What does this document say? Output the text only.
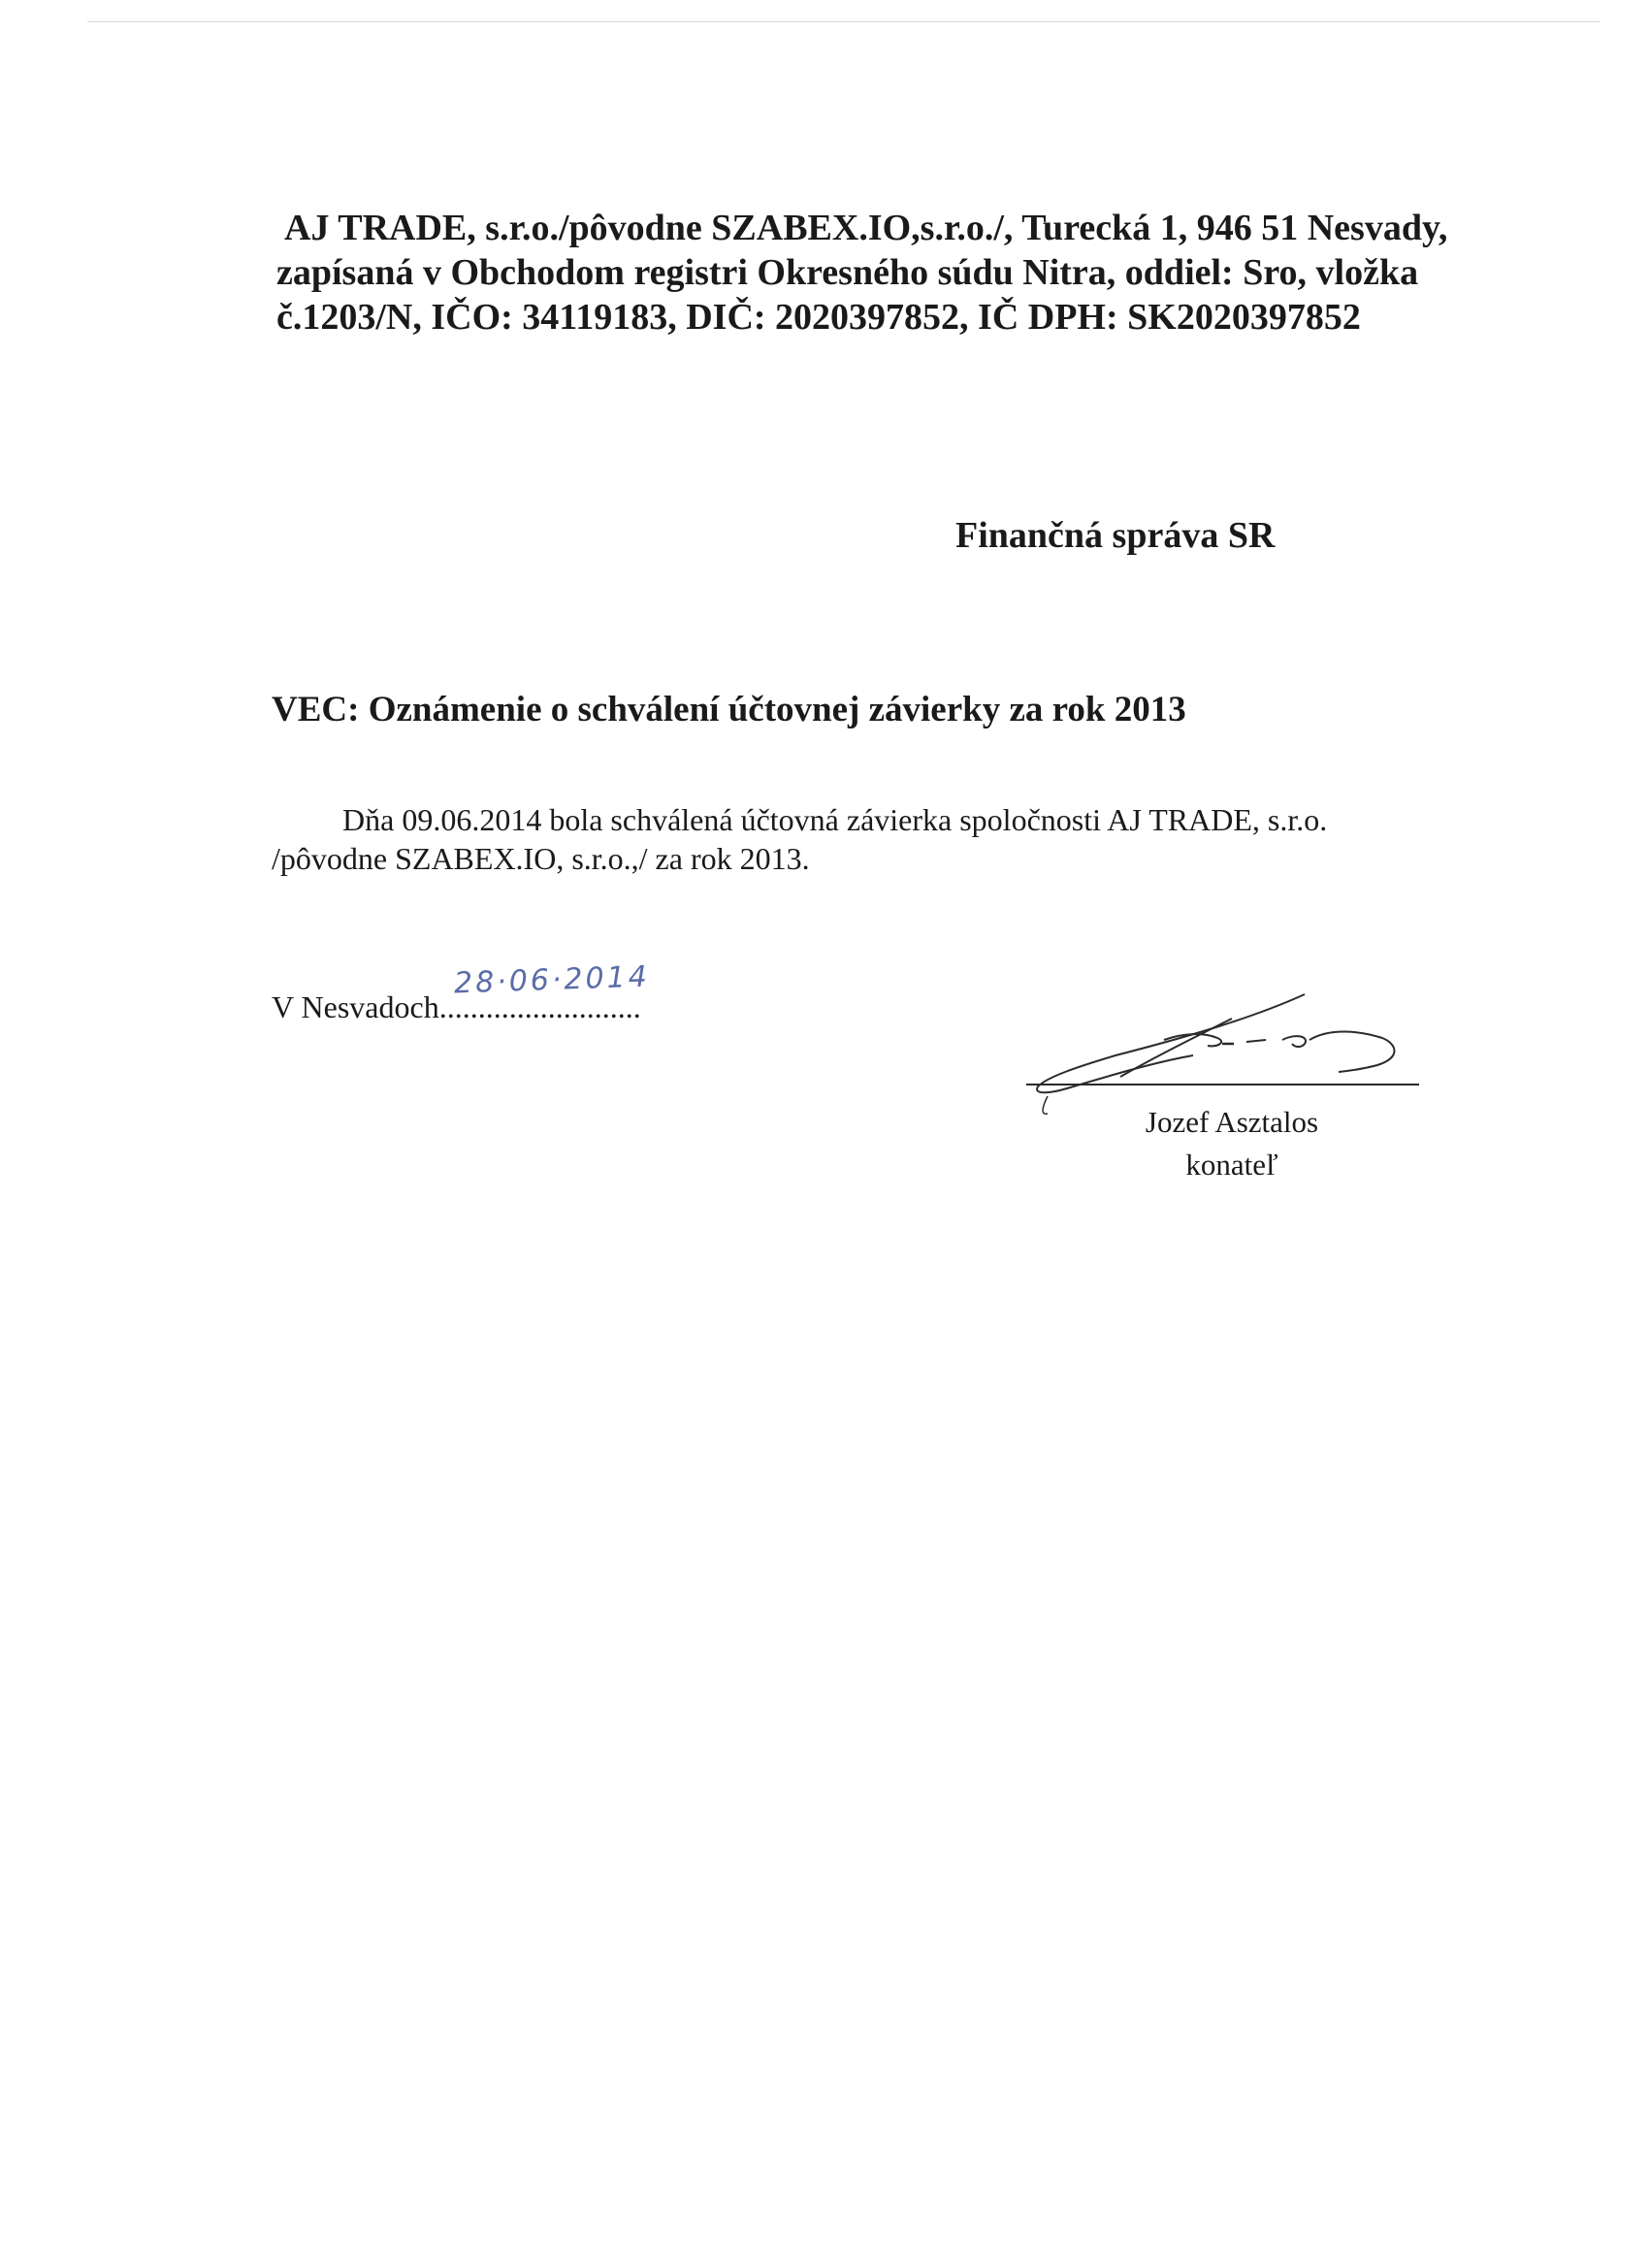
AJ TRADE, s.r.o./pôvodne SZABEX.IO,s.r.o./, Turecká 1, 946 51 Nesvady,
zapísaná v Obchodom registri Okresného súdu Nitra, oddiel: Sro, vložka
č.1203/N, IČO: 34119183, DIČ: 2020397852, IČ DPH: SK2020397852
Finančná správa SR
VEC: Oznámenie o schválení účtovnej závierky za rok 2013
Dňa 09.06.2014 bola schválená účtovná závierka spoločnosti AJ TRADE, s.r.o.
/pôvodne SZABEX.IO, s.r.o.,/ za rok 2013.
V Nesvadoch..........................
28·06·2014
Jozef Asztalos
konateľ
